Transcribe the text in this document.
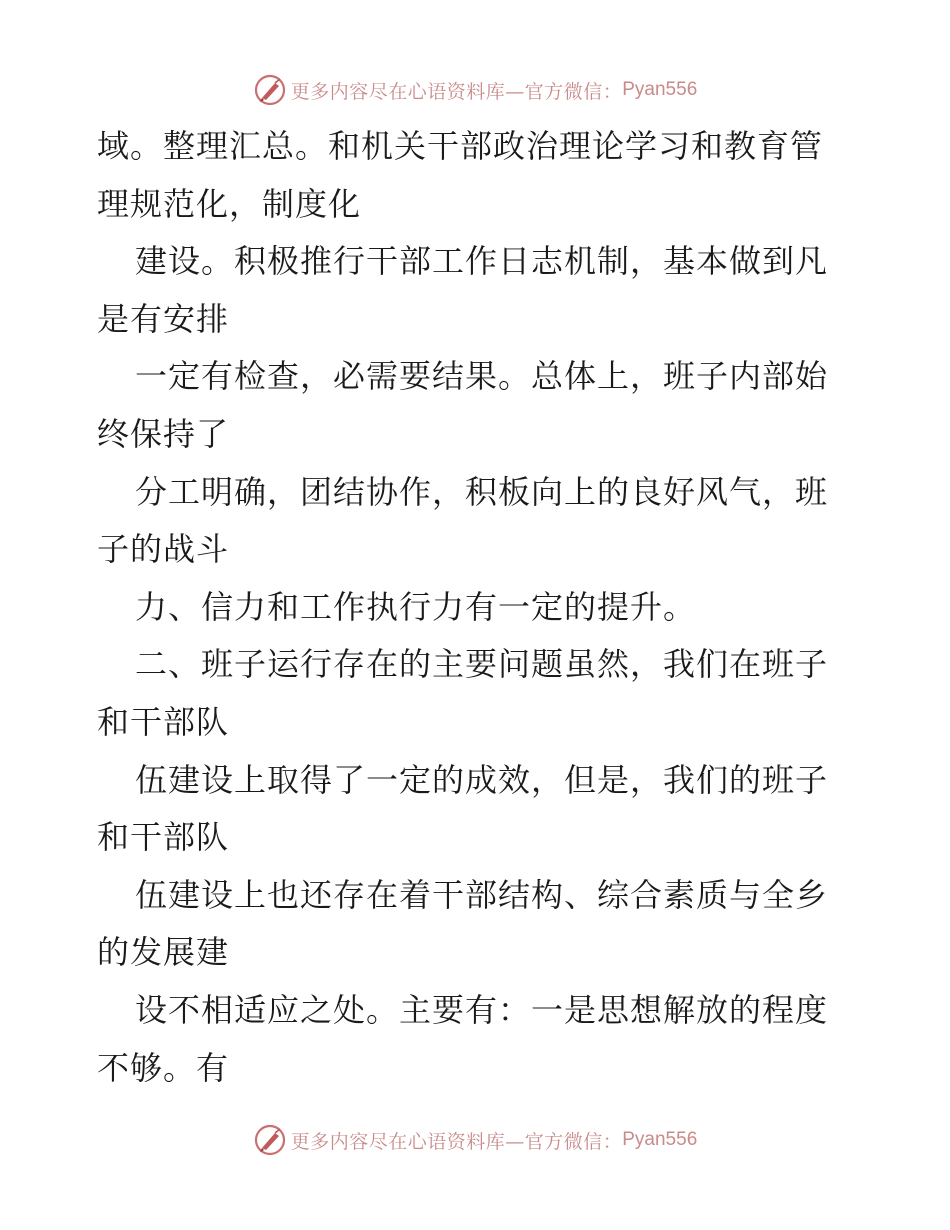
更多内容尽在心语资料库—官方微信： Pyan556
域。整理汇总。和机关干部政治理论学习和教育管
理规范化，制度化
建设。积极推行干部工作日志机制，基本做到凡
是有安排
一定有检查，必需要结果。总体上，班子内部始
终保持了
分工明确，团结协作，积板向上的良好风气，班
子的战斗
力、信力和工作执行力有一定的提升。
二、班子运行存在的主要问题虽然，我们在班子
和干部队
伍建设上取得了一定的成效，但是，我们的班子
和干部队
伍建设上也还存在着干部结构、综合素质与全乡
的发展建
设不相适应之处。主要有：一是思想解放的程度
不够。有
更多内容尽在心语资料库—官方微信： Pyan556
